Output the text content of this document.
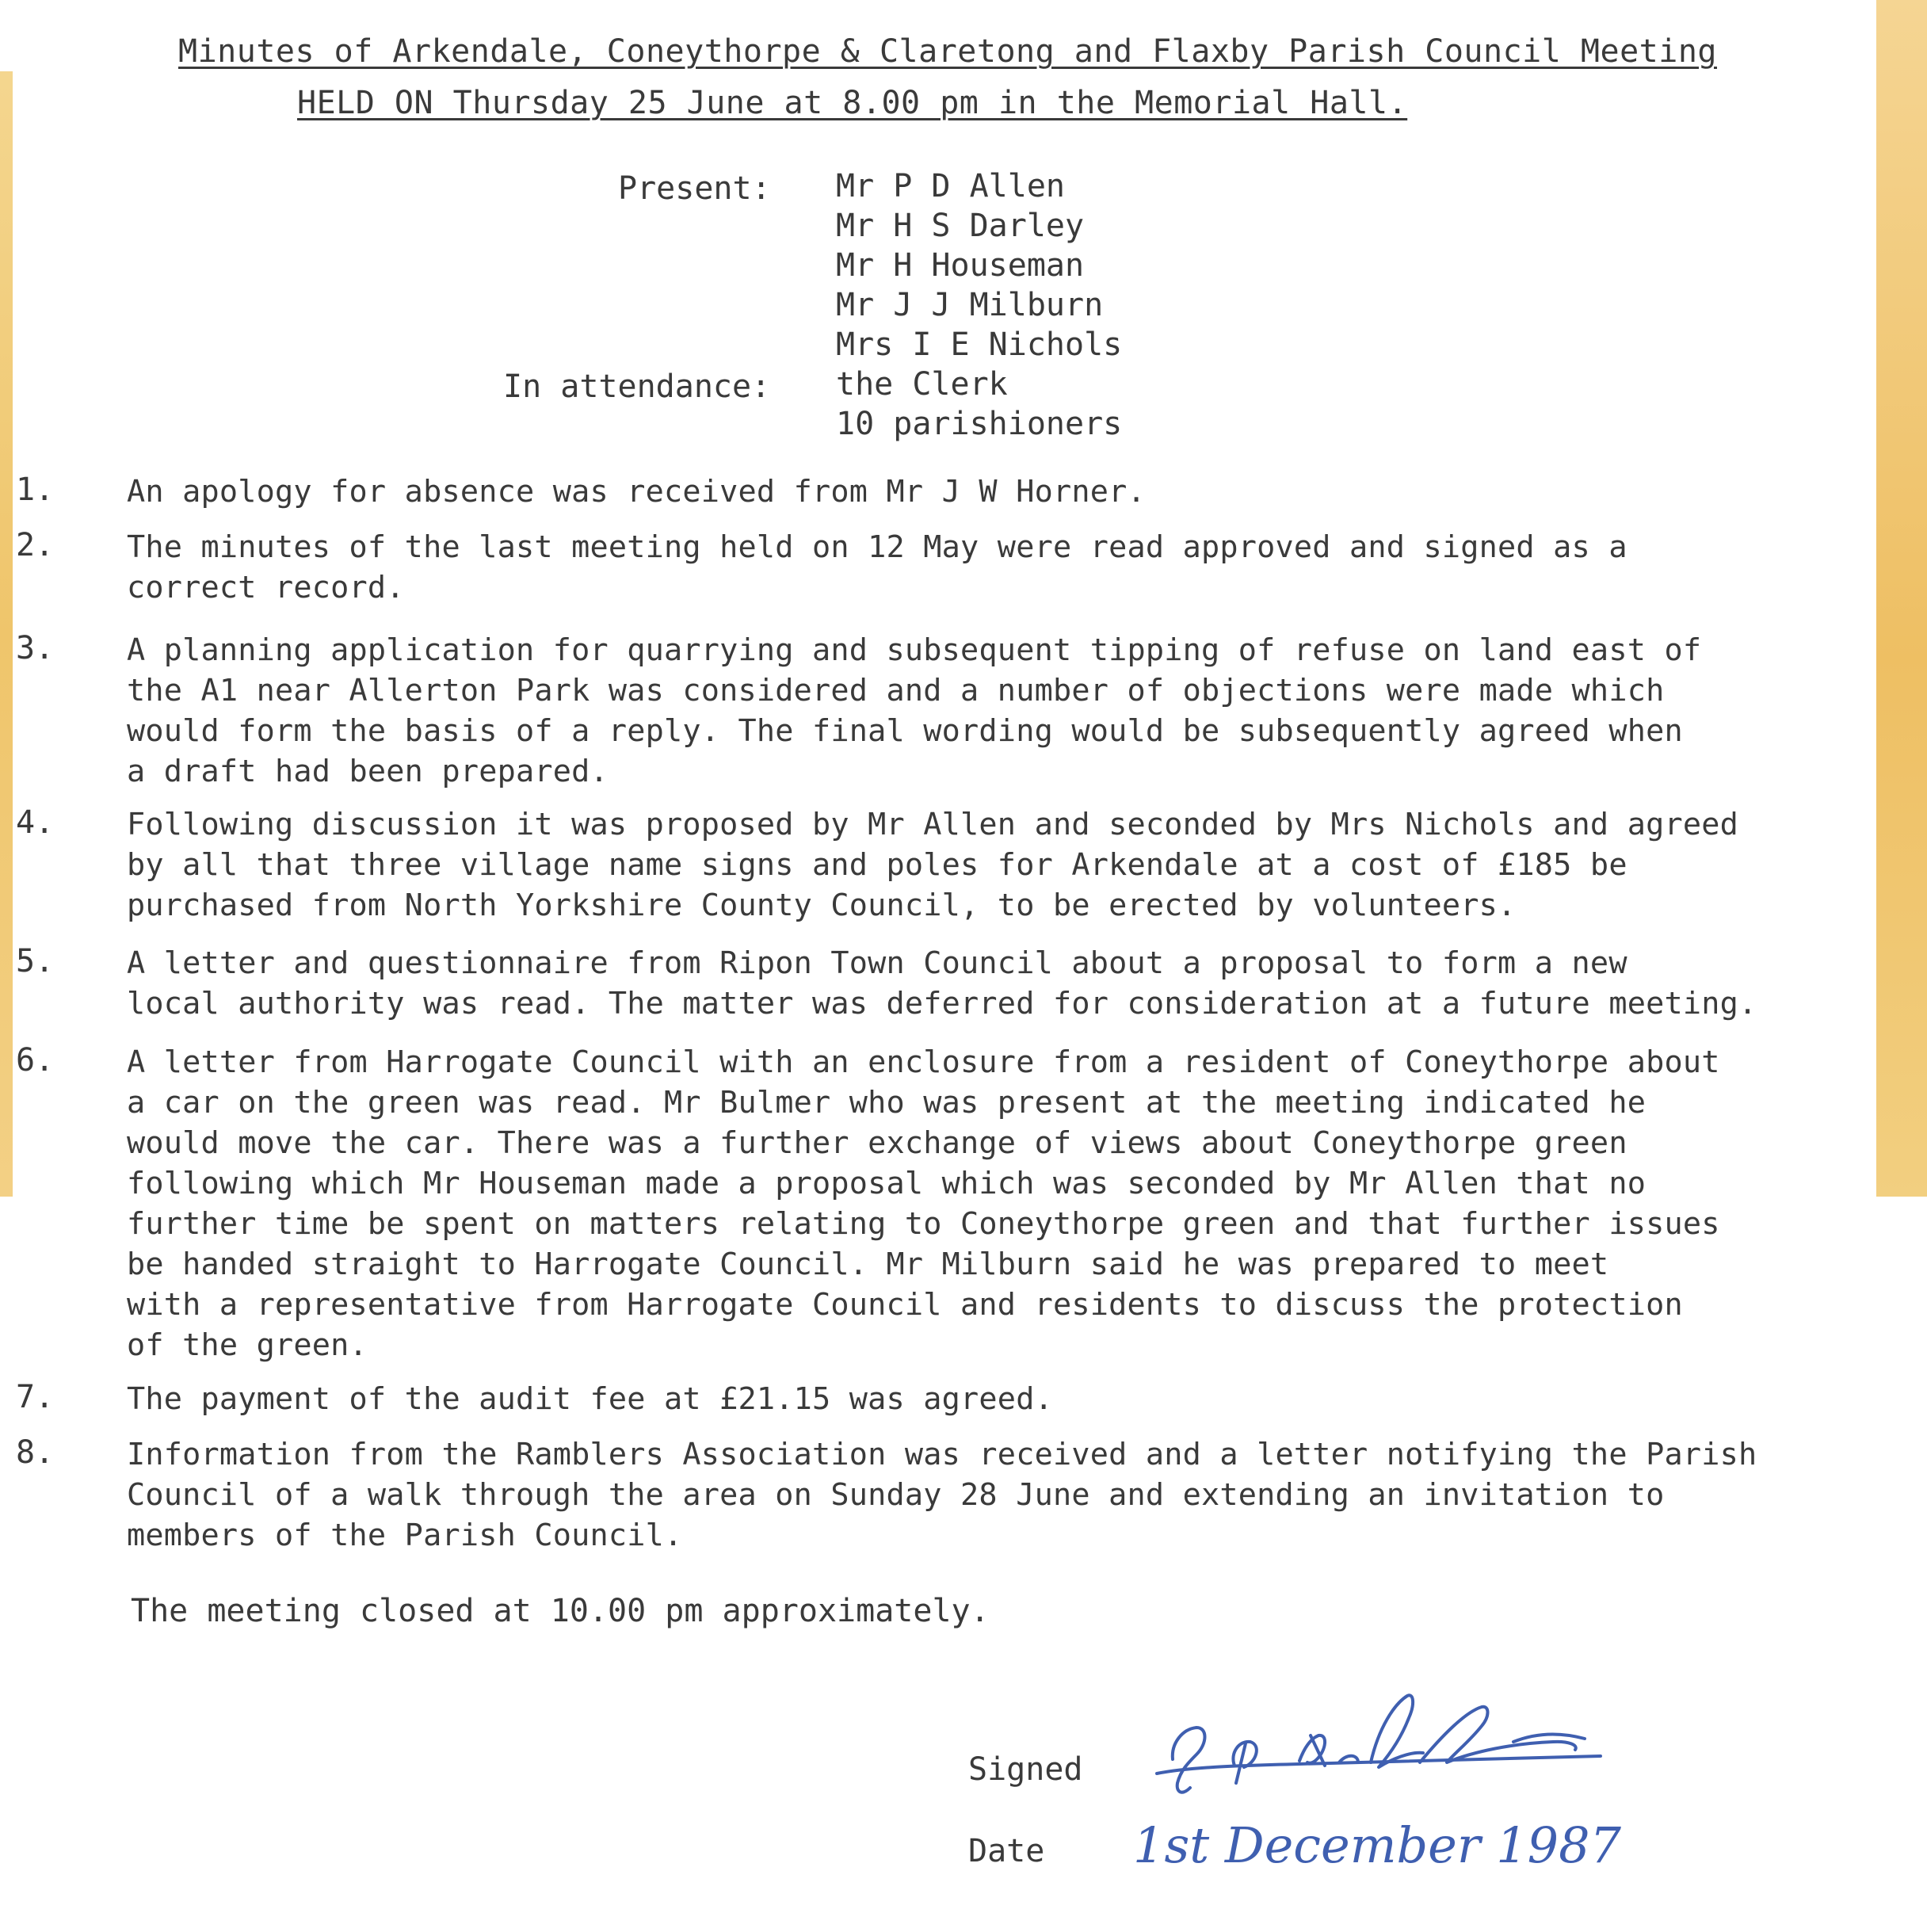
Minutes of Arkendale, Coneythorpe & Claretong and Flaxby Parish Council Meeting
HELD ON Thursday 25 June at 8.00 pm in the Memorial Hall.
Present:
In attendance:
Mr P D Allen
Mr H S Darley
Mr H Houseman
Mr J J Milburn
Mrs I E Nichols
the Clerk
10 parishioners
1. An apology for absence was received from Mr J W Horner.
2. The minutes of the last meeting held on 12 May were read approved and signed as a
correct record.
3. A planning application for quarrying and subsequent tipping of refuse on land east of
the A1 near Allerton Park was considered and a number of objections were made which
would form the basis of a reply. The final wording would be subsequently agreed when
a draft had been prepared.
4. Following discussion it was proposed by Mr Allen and seconded by Mrs Nichols and agreed
by all that three village name signs and poles for Arkendale at a cost of £185 be
purchased from North Yorkshire County Council, to be erected by volunteers.
5. A letter and questionnaire from Ripon Town Council about a proposal to form a new
local authority was read. The matter was deferred for consideration at a future meeting.
6. A letter from Harrogate Council with an enclosure from a resident of Coneythorpe about
a car on the green was read. Mr Bulmer who was present at the meeting indicated he
would move the car. There was a further exchange of views about Coneythorpe green
following which Mr Houseman made a proposal which was seconded by Mr Allen that no
further time be spent on matters relating to Coneythorpe green and that further issues
be handed straight to Harrogate Council. Mr Milburn said he was prepared to meet
with a representative from Harrogate Council and residents to discuss the protection
of the green.
7. The payment of the audit fee at £21.15 was agreed.
8. Information from the Ramblers Association was received and a letter notifying the Parish
Council of a walk through the area on Sunday 28 June and extending an invitation to
members of the Parish Council.
The meeting closed at 10.00 pm approximately.
Signed
Date 1st December 1987
